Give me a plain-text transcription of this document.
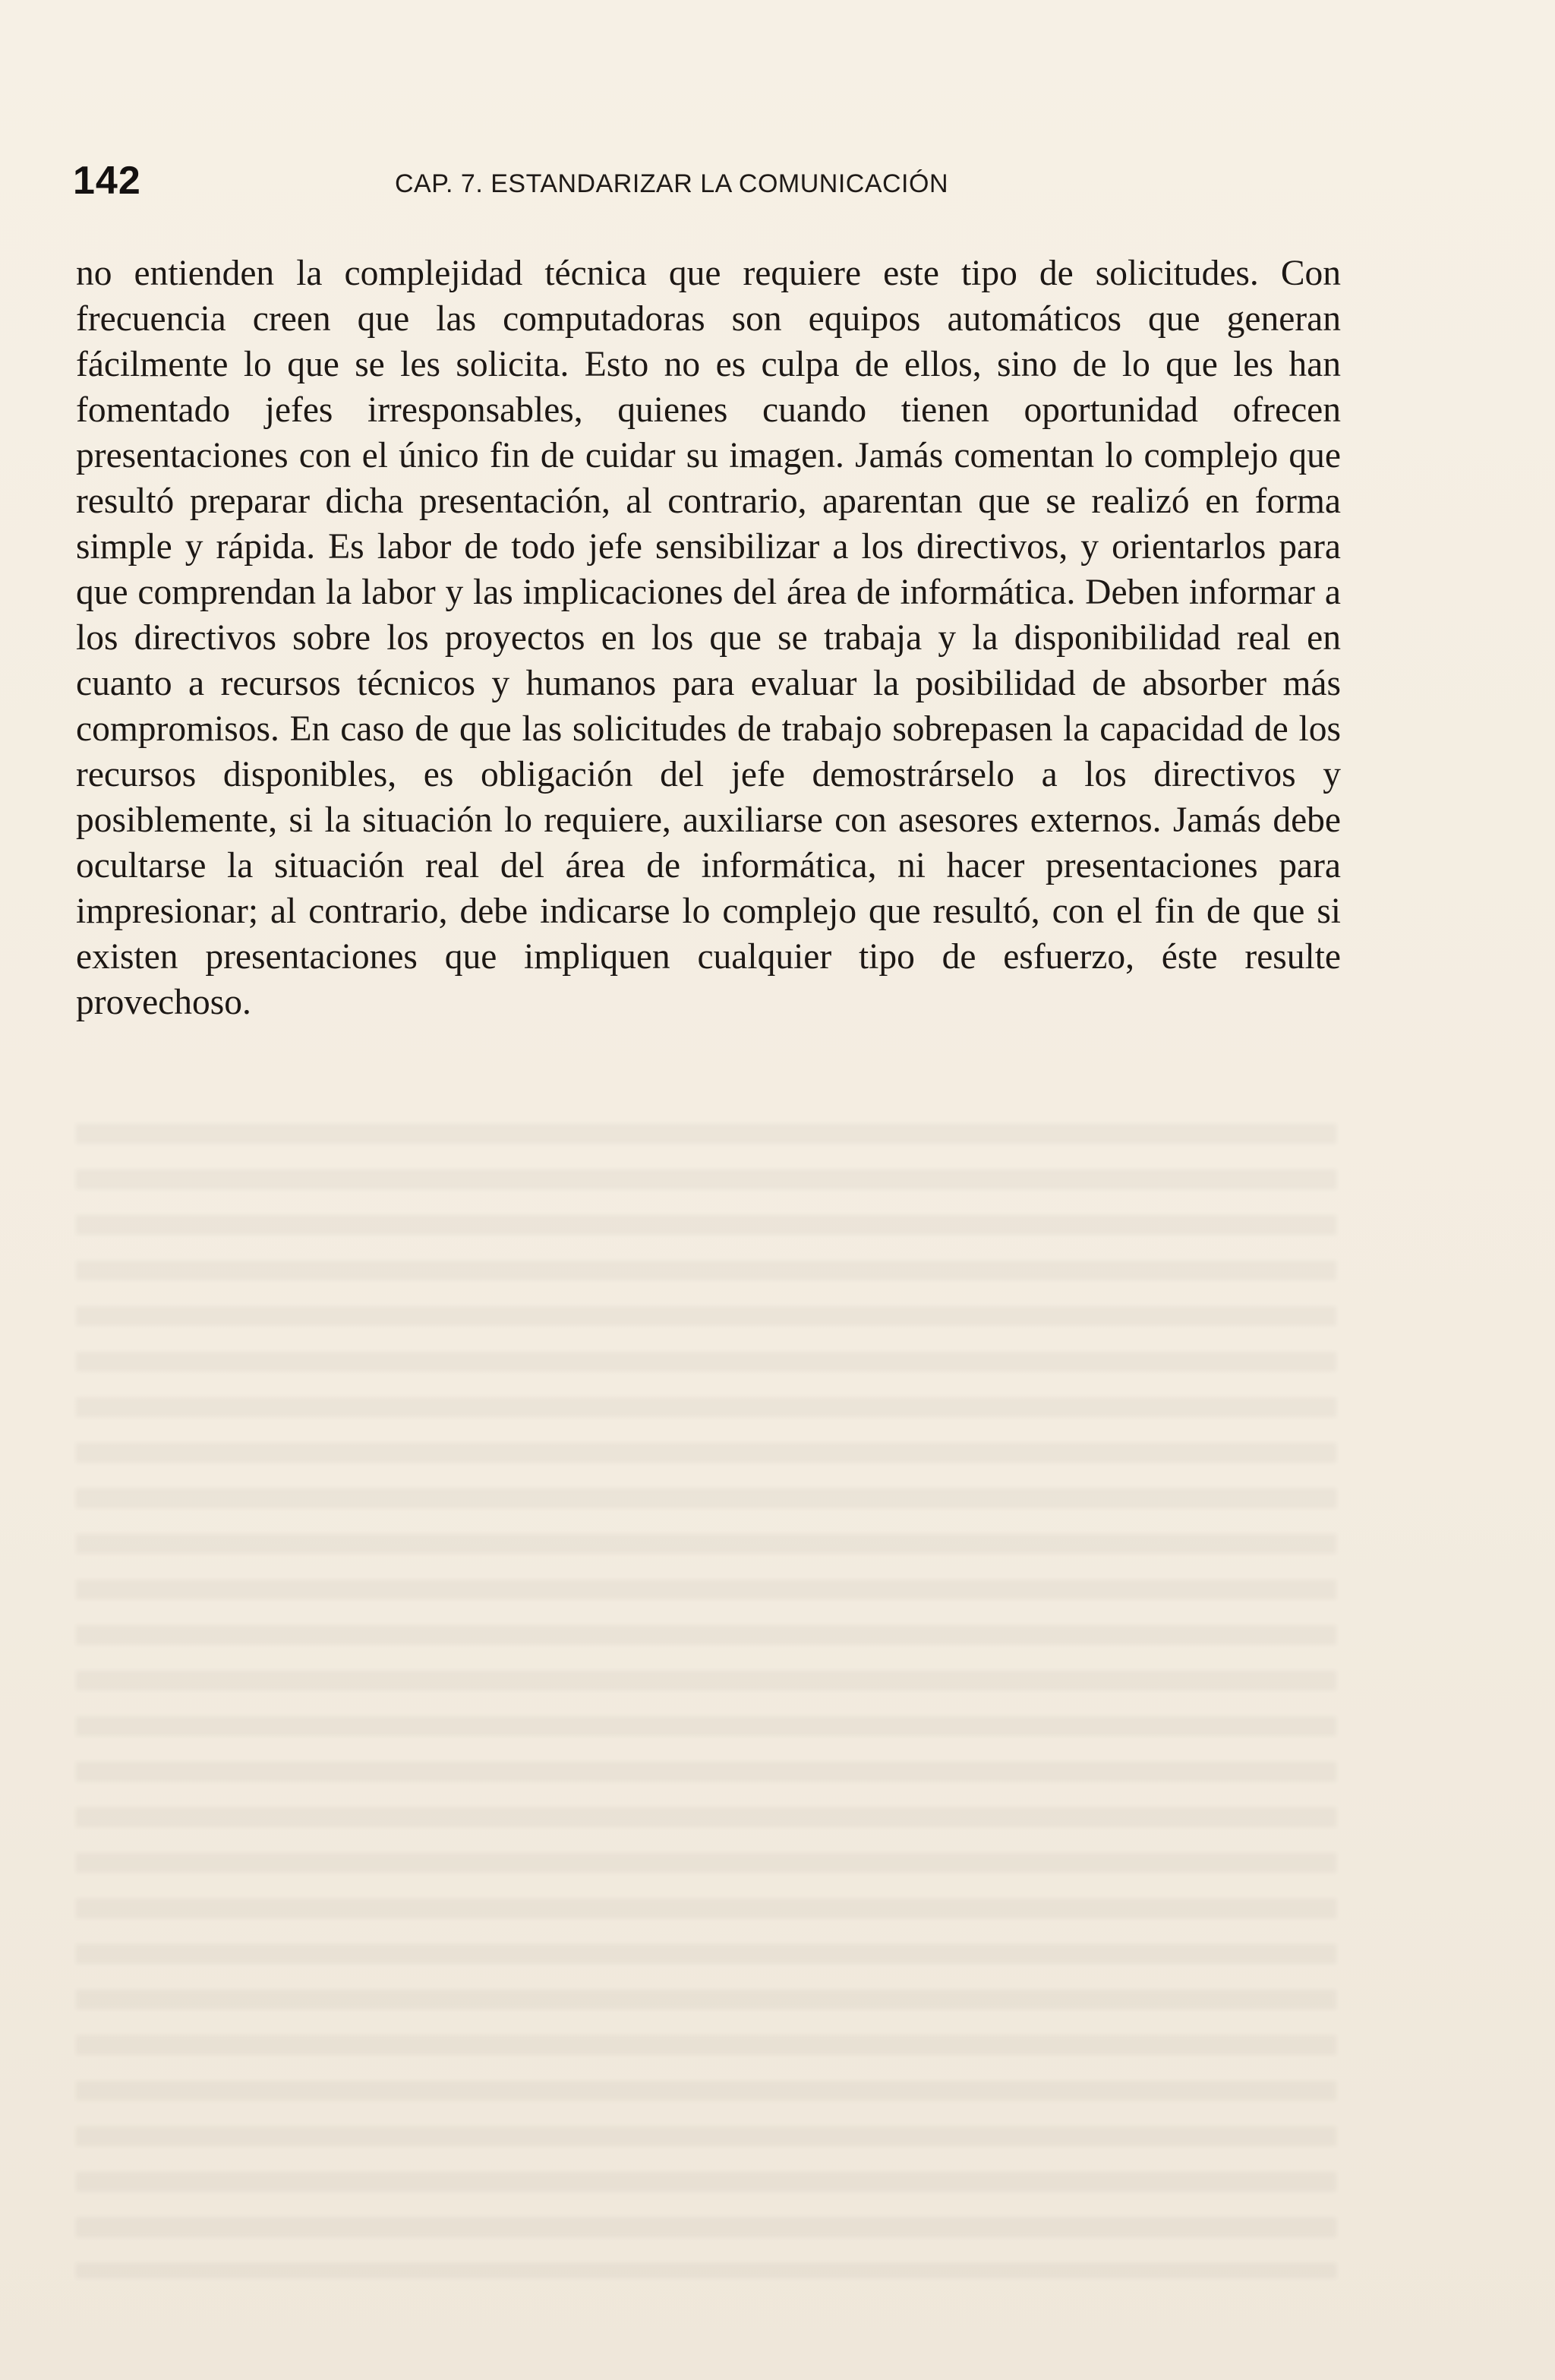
142	CAP. 7. ESTANDARIZAR LA COMUNICACIÓN

no entienden la complejidad técnica que requiere este tipo de solicitudes. Con frecuencia creen que las computadoras son equipos automáticos que generan fácilmente lo que se les solicita. Esto no es culpa de ellos, sino de lo que les han fomentado jefes irresponsables, quienes cuando tienen oportunidad ofrecen presentaciones con el único fin de cuidar su imagen. Jamás comentan lo complejo que resultó preparar dicha presentación, al contrario, aparentan que se realizó en forma simple y rápida. Es labor de todo jefe sensibilizar a los directivos, y orientarlos para que comprendan la labor y las implicaciones del área de informática. Deben informar a los directivos sobre los proyectos en los que se trabaja y la disponibilidad real en cuanto a recursos técnicos y humanos para evaluar la posibilidad de absorber más compromisos. En caso de que las solicitudes de trabajo sobrepasen la capacidad de los recursos disponibles, es obligación del jefe demostrárselo a los directivos y posiblemente, si la situación lo requiere, auxiliarse con asesores externos. Jamás debe ocultarse la situación real del área de informática, ni hacer presentaciones para impresionar; al contrario, debe indicarse lo complejo que resultó, con el fin de que si existen presentaciones que impliquen cualquier tipo de esfuerzo, éste resulte provechoso.
